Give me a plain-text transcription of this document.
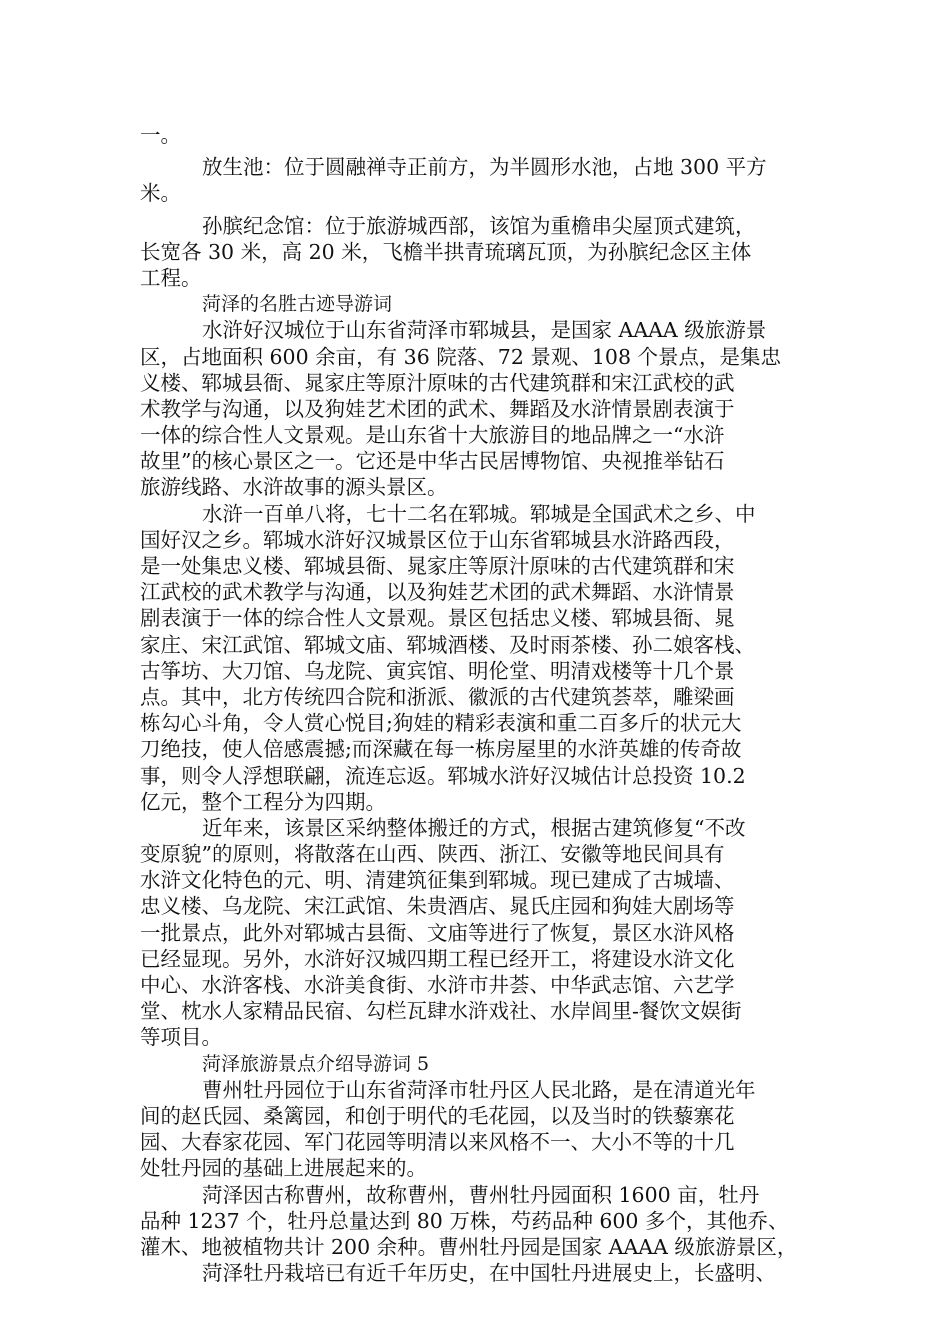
一。
放生池：位于圆融禅寺正前方，为半圆形水池，占地 300 平方
米。
孙膑纪念馆：位于旅游城西部，该馆为重檐串尖屋顶式建筑，
长宽各 30 米，高 20 米，飞檐半拱青琉璃瓦顶，为孙膑纪念区主体
工程。
菏泽的名胜古迹导游词
水浒好汉城位于山东省菏泽市郓城县，是国家 AAAA 级旅游景
区，占地面积 600 余亩，有 36 院落、72 景观、108 个景点，是集忠
义楼、郓城县衙、晁家庄等原汁原味的古代建筑群和宋江武校的武
术教学与沟通，以及狗娃艺术团的武术、舞蹈及水浒情景剧表演于
一体的综合性人文景观。是山东省十大旅游目的地品牌之一“水浒
故里”的核心景区之一。它还是中华古民居博物馆、央视推举钻石
旅游线路、水浒故事的源头景区。
水浒一百单八将，七十二名在郓城。郓城是全国武术之乡、中
国好汉之乡。郓城水浒好汉城景区位于山东省郓城县水浒路西段，
是一处集忠义楼、郓城县衙、晁家庄等原汁原味的古代建筑群和宋
江武校的武术教学与沟通，以及狗娃艺术团的武术舞蹈、水浒情景
剧表演于一体的综合性人文景观。景区包括忠义楼、郓城县衙、晁
家庄、宋江武馆、郓城文庙、郓城酒楼、及时雨茶楼、孙二娘客栈、
古筝坊、大刀馆、乌龙院、寅宾馆、明伦堂、明清戏楼等十几个景
点。其中，北方传统四合院和浙派、徽派的古代建筑荟萃，雕梁画
栋勾心斗角，令人赏心悦目;狗娃的精彩表演和重二百多斤的状元大
刀绝技，使人倍感震撼;而深藏在每一栋房屋里的水浒英雄的传奇故
事，则令人浮想联翩，流连忘返。郓城水浒好汉城估计总投资 10.2
亿元，整个工程分为四期。
近年来，该景区采纳整体搬迁的方式，根据古建筑修复“不改
变原貌”的原则，将散落在山西、陕西、浙江、安徽等地民间具有
水浒文化特色的元、明、清建筑征集到郓城。现已建成了古城墙、
忠义楼、乌龙院、宋江武馆、朱贵酒店、晁氏庄园和狗娃大剧场等
一批景点，此外对郓城古县衙、文庙等进行了恢复，景区水浒风格
已经显现。另外，水浒好汉城四期工程已经开工，将建设水浒文化
中心、水浒客栈、水浒美食街、水浒市井荟、中华武志馆、六艺学
堂、枕水人家精品民宿、勾栏瓦肆水浒戏社、水岸闾里-餐饮文娱街
等项目。
菏泽旅游景点介绍导游词 5
曹州牡丹园位于山东省菏泽市牡丹区人民北路，是在清道光年
间的赵氏园、桑篱园，和创于明代的毛花园，以及当时的铁藜寨花
园、大春家花园、军门花园等明清以来风格不一、大小不等的十几
处牡丹园的基础上进展起来的。
菏泽因古称曹州，故称曹州，曹州牡丹园面积 1600 亩，牡丹
品种 1237 个，牡丹总量达到 80 万株，芍药品种 600 多个，其他乔、
灌木、地被植物共计 200 余种。曹州牡丹园是国家 AAAA 级旅游景区，
菏泽牡丹栽培已有近千年历史，在中国牡丹进展史上，长盛明、
